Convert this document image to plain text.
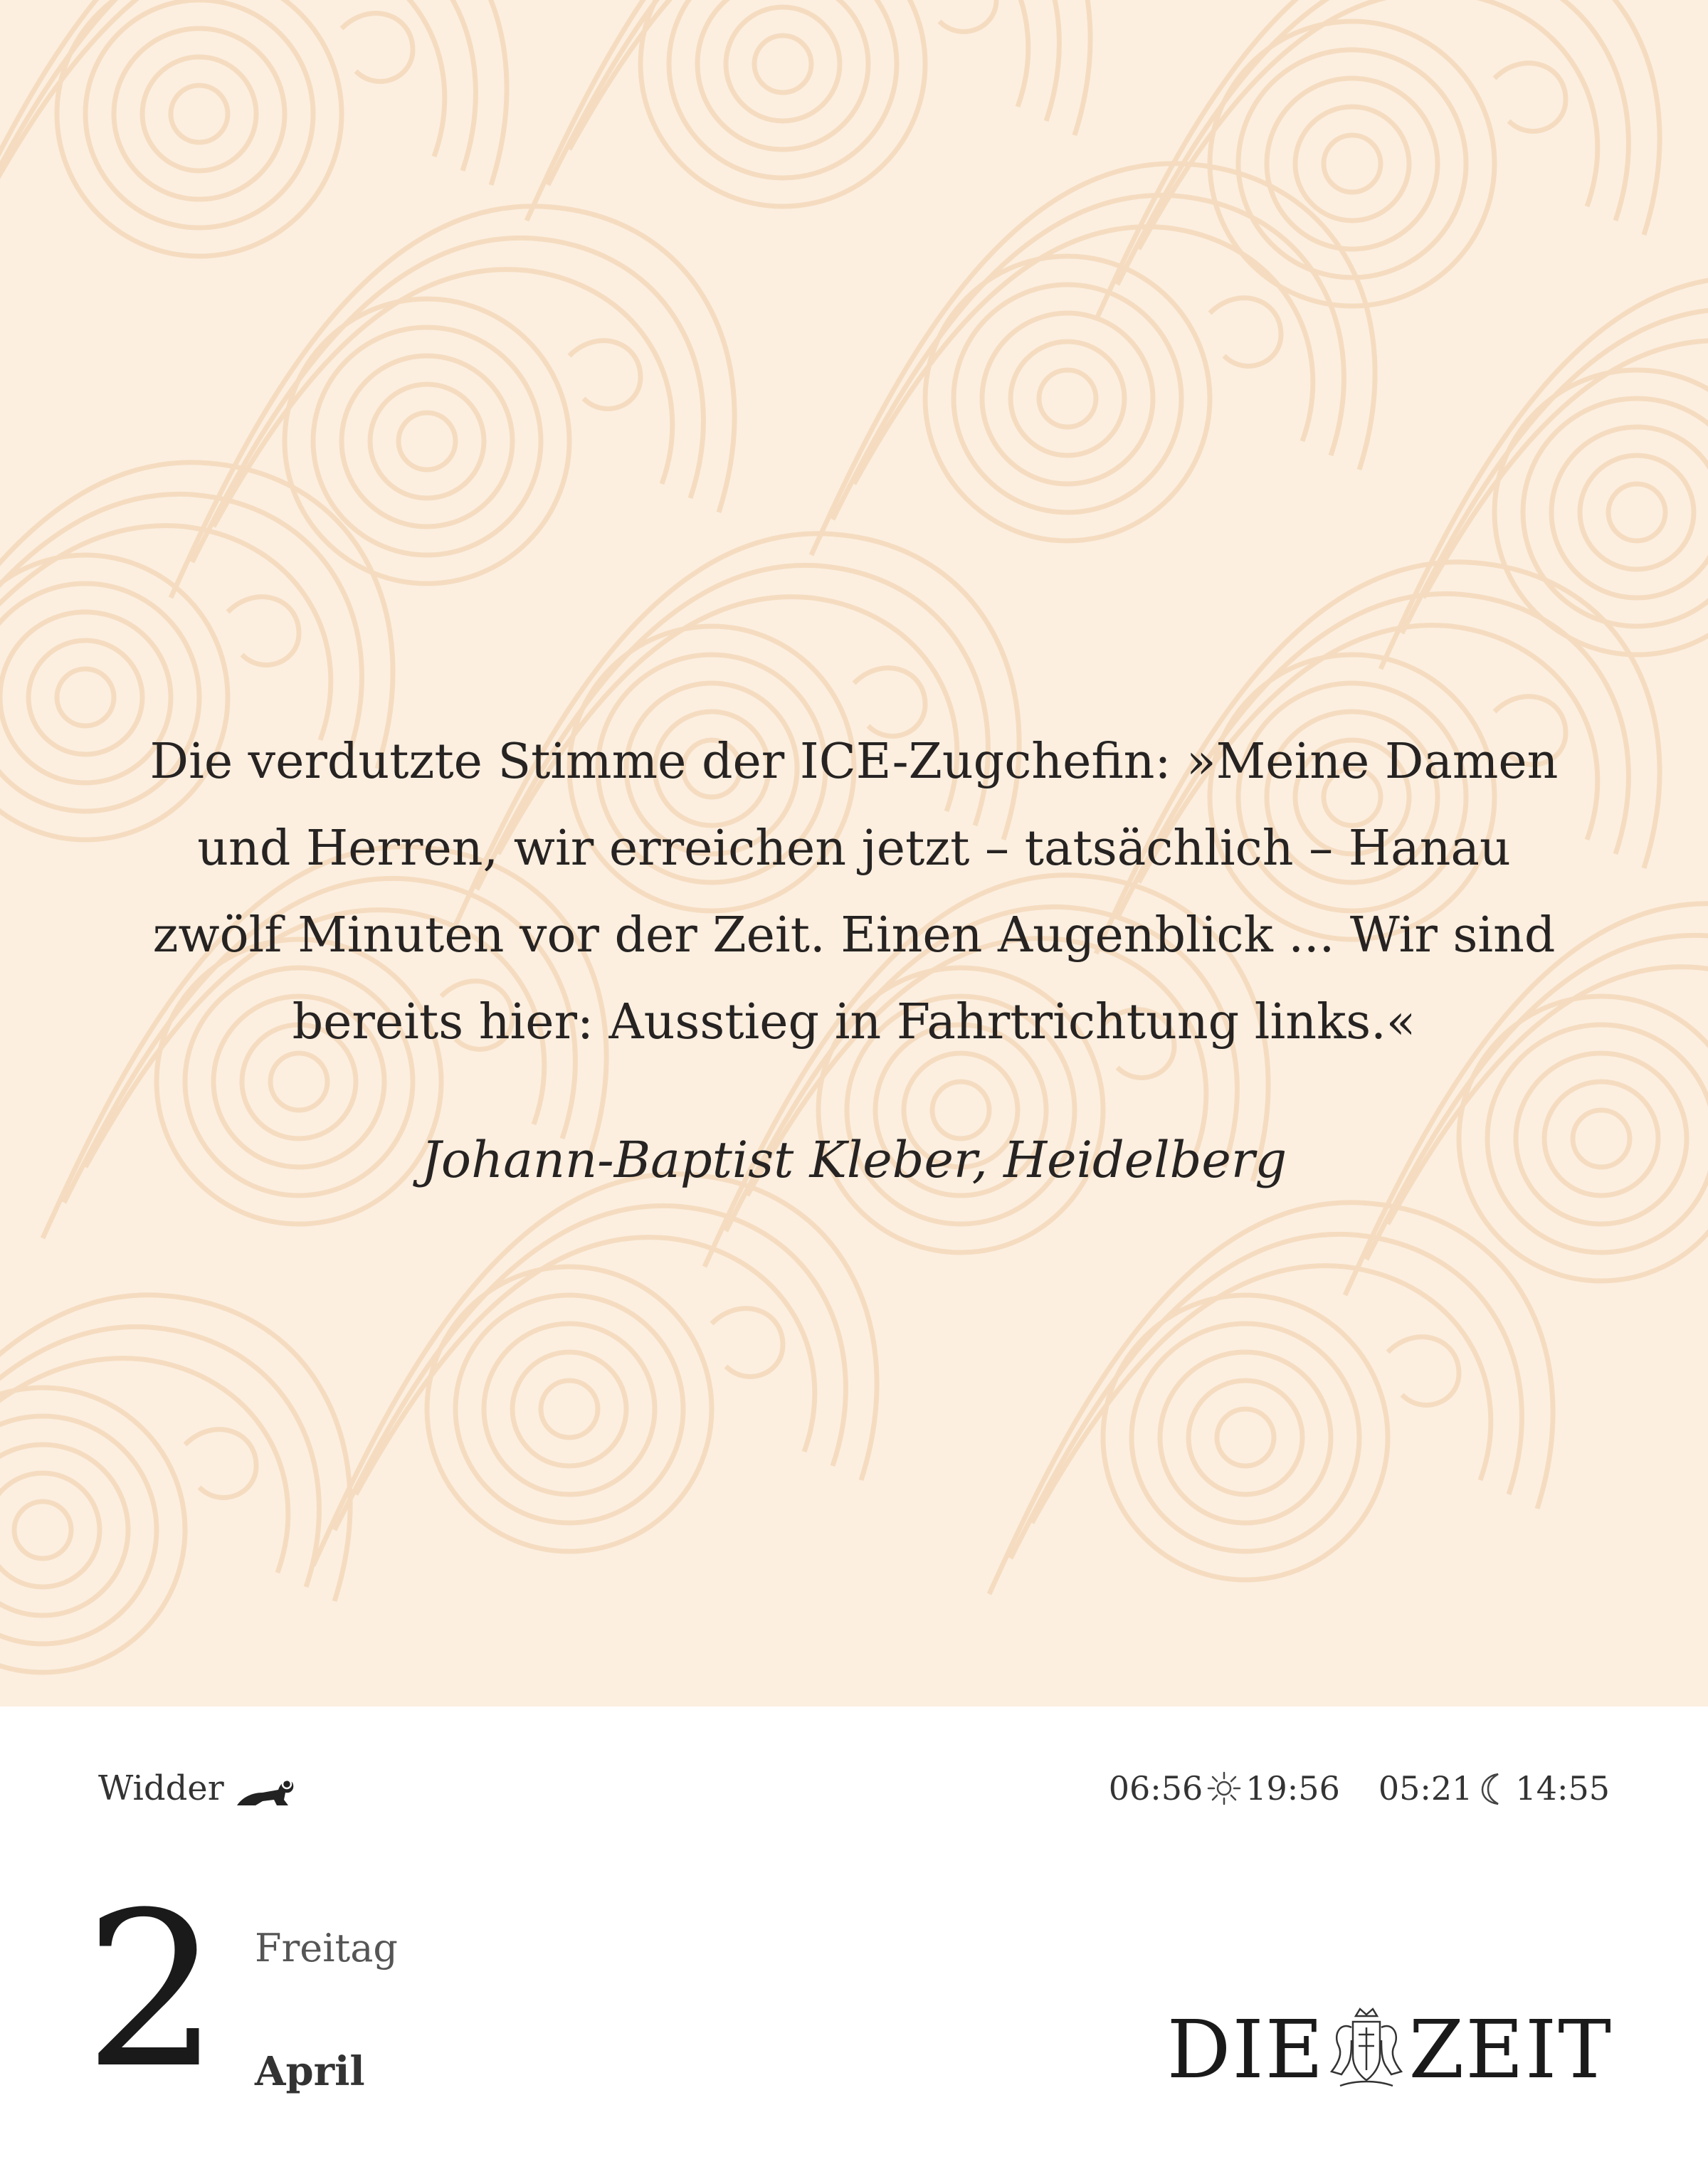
Die verdutzte Stimme der ICE-Zugchefin: »Meine Damen
und Herren, wir erreichen jetzt – tatsächlich – Hanau
zwölf Minuten vor der Zeit. Einen Augenblick ... Wir sind
bereits hier: Ausstieg in Fahrtrichtung links.«

Johann-Baptist Kleber, Heidelberg

Widder	06:56 19:56 05:21 14:55
2 Freitag
April	DIE ZEIT
